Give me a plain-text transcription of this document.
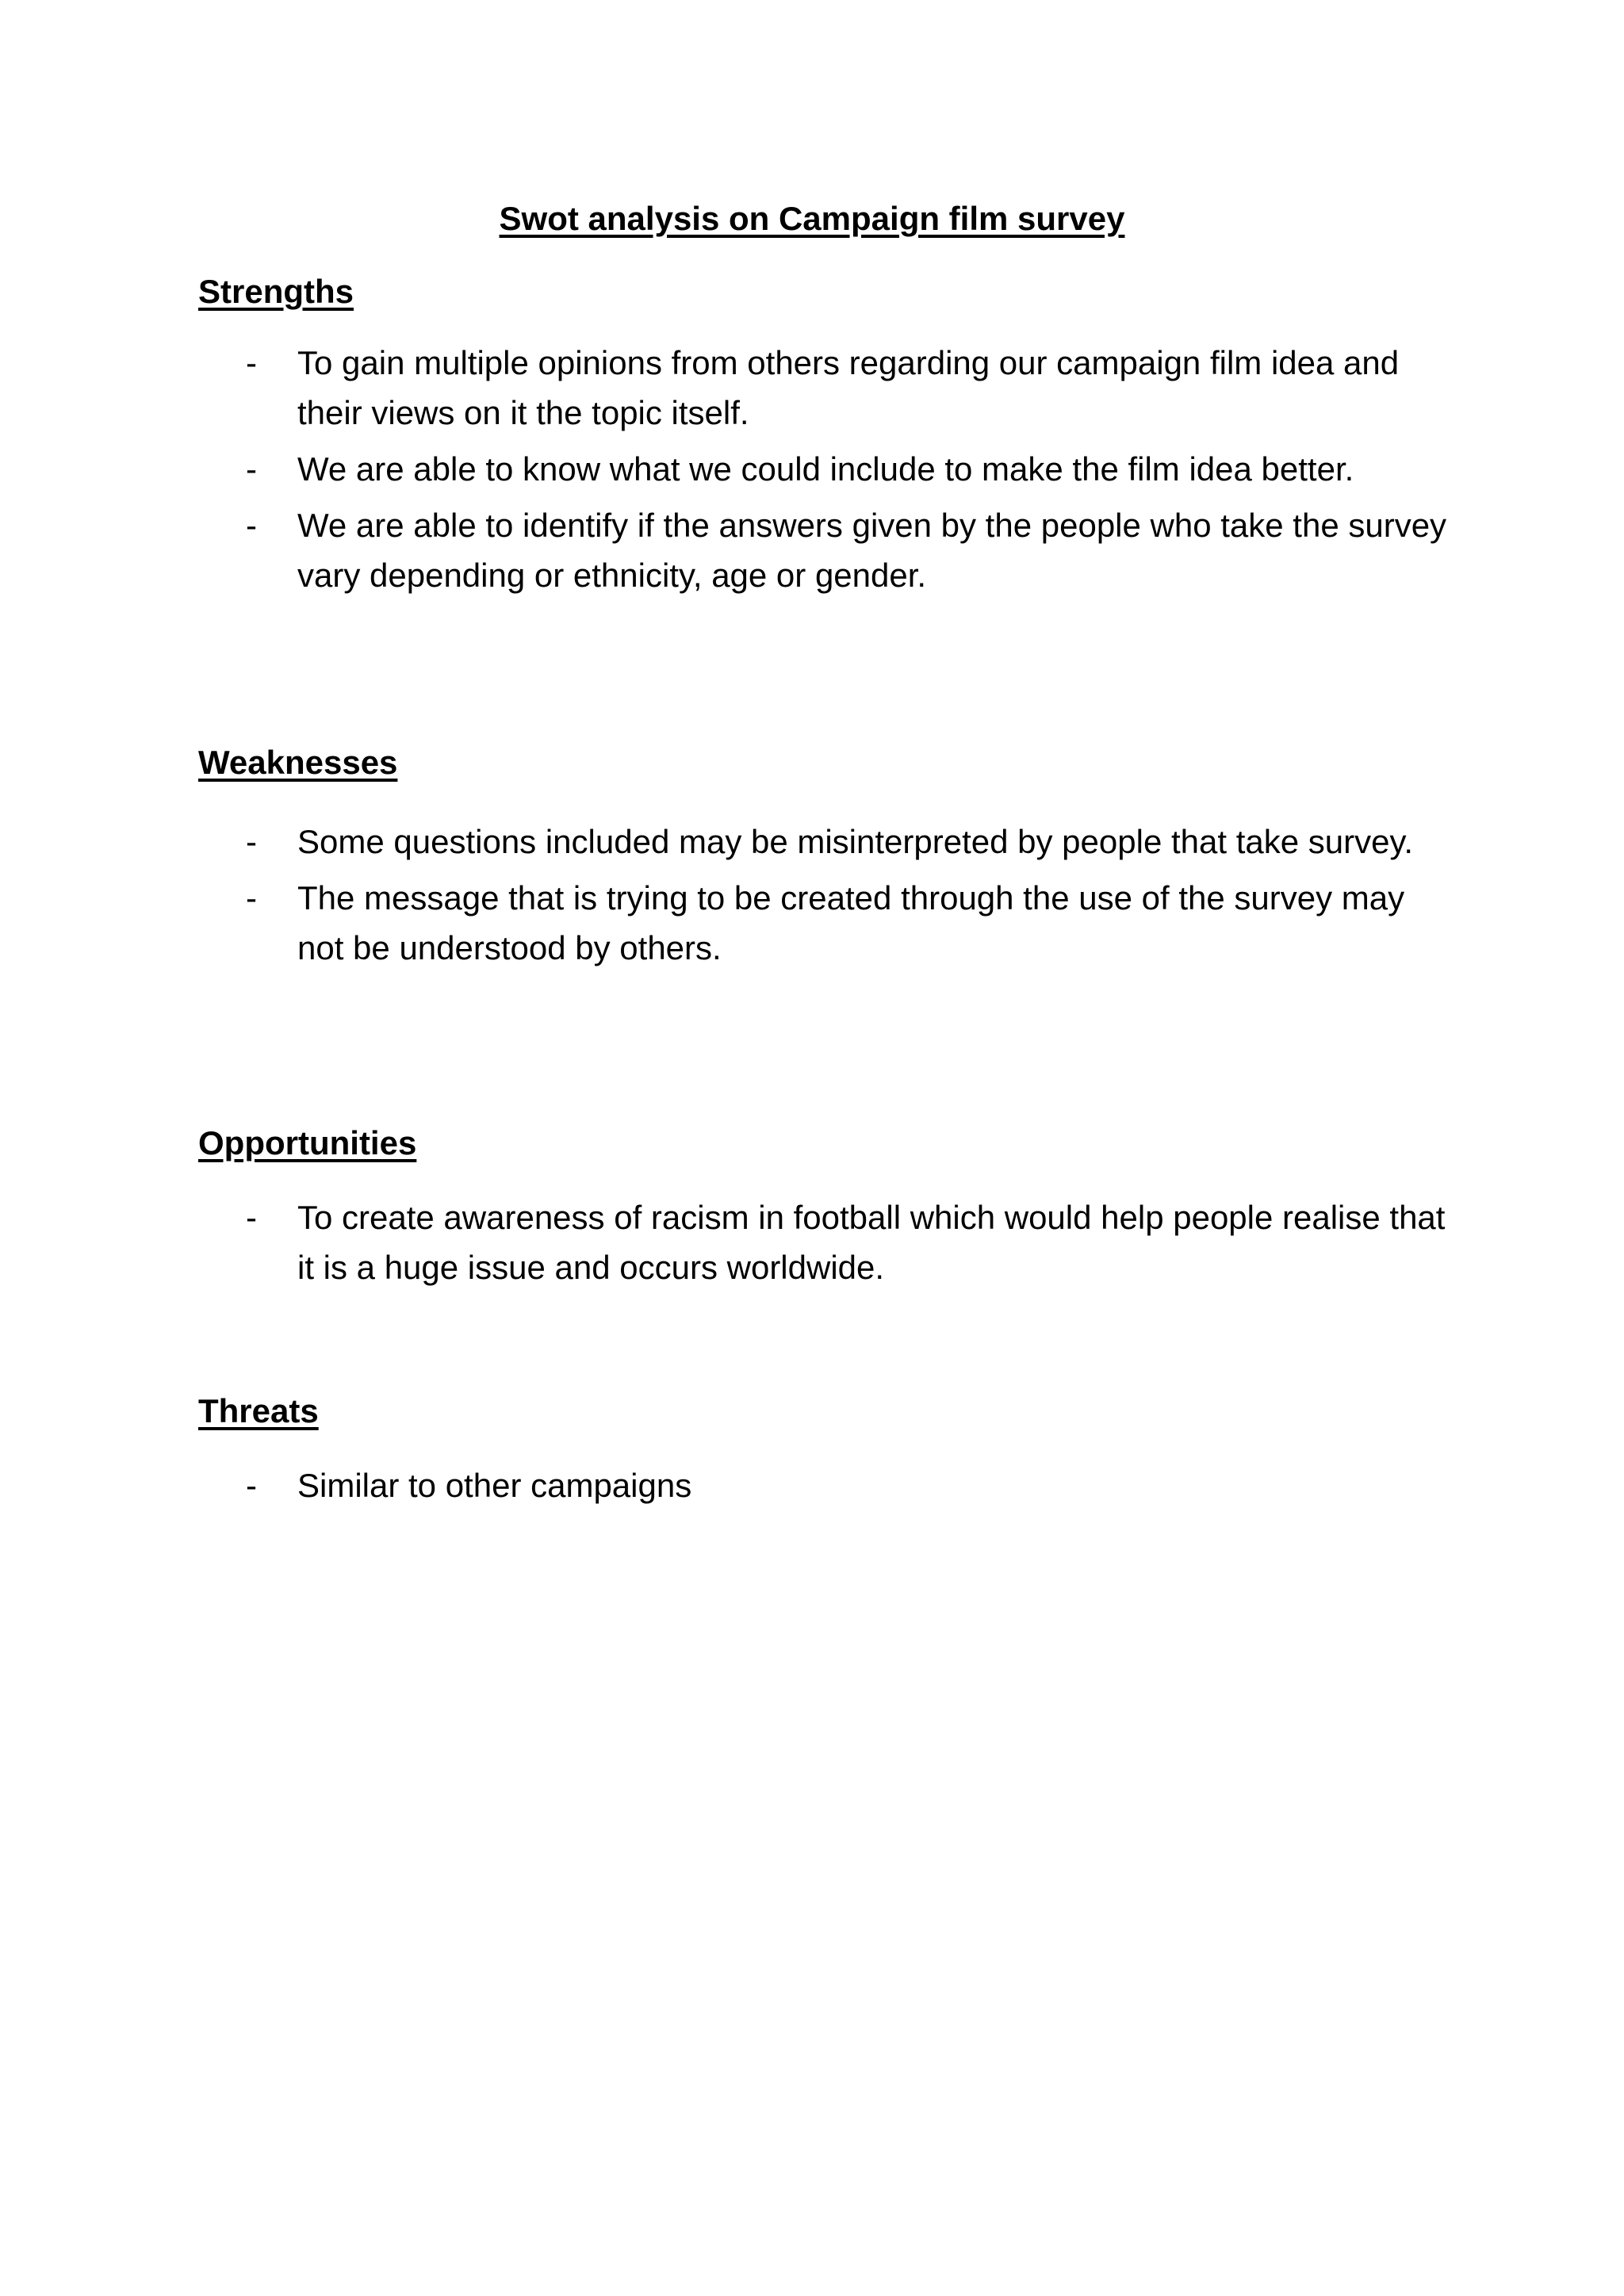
Swot analysis on Campaign film survey
Strengths
- To gain multiple opinions from others regarding our campaign film idea and their views on it the topic itself.
- We are able to know what we could include to make the film idea better.
- We are able to identify if the answers given by the people who take the survey vary depending or ethnicity, age or gender.
Weaknesses
- Some questions included may be misinterpreted by people that take survey.
- The message that is trying to be created through the use of the survey may not be understood by others.
Opportunities
- To create awareness of racism in football which would help people realise that it is a huge issue and occurs worldwide.
Threats
- Similar to other campaigns
